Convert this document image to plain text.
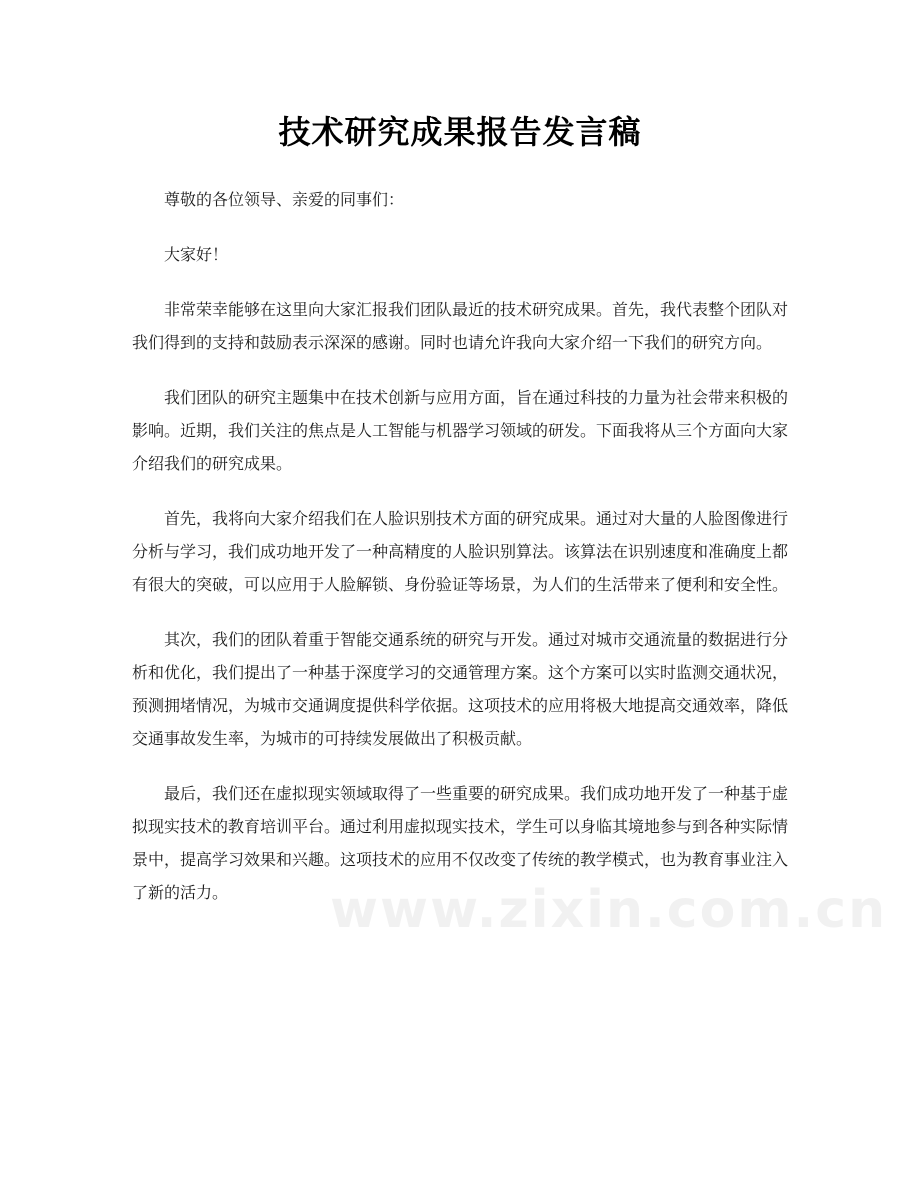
技术研究成果报告发言稿

尊敬的各位领导、亲爱的同事们：

大家好！

非常荣幸能够在这里向大家汇报我们团队最近的技术研究成果。首先，我代表整个团队对我们得到的支持和鼓励表示深深的感谢。同时也请允许我向大家介绍一下我们的研究方向。

我们团队的研究主题集中在技术创新与应用方面，旨在通过科技的力量为社会带来积极的影响。近期，我们关注的焦点是人工智能与机器学习领域的研发。下面我将从三个方面向大家介绍我们的研究成果。

首先，我将向大家介绍我们在人脸识别技术方面的研究成果。通过对大量的人脸图像进行分析与学习，我们成功地开发了一种高精度的人脸识别算法。该算法在识别速度和准确度上都有很大的突破，可以应用于人脸解锁、身份验证等场景，为人们的生活带来了便利和安全性。

其次，我们的团队着重于智能交通系统的研究与开发。通过对城市交通流量的数据进行分析和优化，我们提出了一种基于深度学习的交通管理方案。这个方案可以实时监测交通状况，预测拥堵情况，为城市交通调度提供科学依据。这项技术的应用将极大地提高交通效率，降低交通事故发生率，为城市的可持续发展做出了积极贡献。

最后，我们还在虚拟现实领域取得了一些重要的研究成果。我们成功地开发了一种基于虚拟现实技术的教育培训平台。通过利用虚拟现实技术，学生可以身临其境地参与到各种实际情景中，提高学习效果和兴趣。这项技术的应用不仅改变了传统的教学模式，也为教育事业注入了新的活力。	www.zixin.com.cn
